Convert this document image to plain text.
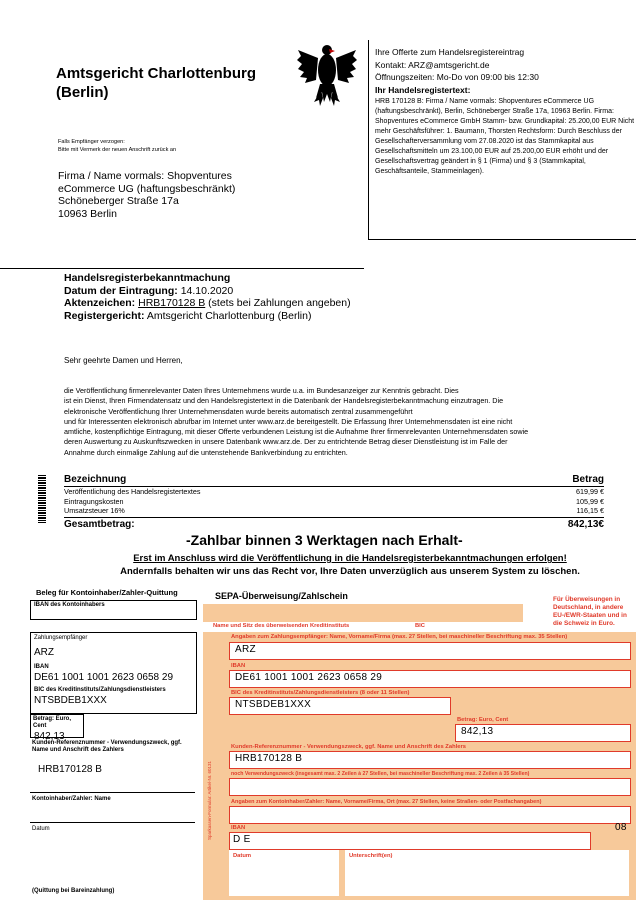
Amtsgericht Charlottenburg
(Berlin)
Ihre Offerte zum Handelsregistereintrag
Kontakt: ARZ@amtsgericht.de
Öffnungszeiten: Mo-Do von 09:00 bis 12:30
Ihr Handelsregistertext:
HRB 170128 B: Firma / Name vormals: Shopventures eCommerce UG (haftungsbeschränkt), Berlin, Schöneberger Straße 17a, 10963 Berlin. Firma: Shopventures eCommerce GmbH Stamm- bzw. Grundkapital: 25.200,00 EUR Nicht mehr Geschäftsführer: 1. Baumann, Thorsten Rechtsform: Durch Beschluss der Gesellschafterversammlung vom 27.08.2020 ist das Stammkapital aus Gesellschaftsmitteln um 23.100,00 EUR auf 25.200,00 EUR erhöht und der Gesellschaftsvertrag geändert in § 1 (Firma) und § 3 (Stammkapital, Geschäftsanteile, Stammeinlagen).
Falls Empfänger verzogen:
Bitte mit Vermerk der neuen Anschrift zurück an
Firma / Name vormals: Shopventures
eCommerce UG (haftungsbeschränkt)
Schöneberger Straße 17a
10963 Berlin
Handelsregisterbekanntmachung
Datum der Eintragung: 14.10.2020
Aktenzeichen: HRB170128 B (stets bei Zahlungen angeben)
Registergericht: Amtsgericht Charlottenburg (Berlin)
Sehr geehrte Damen und Herren,
die Veröffentlichung firmenrelevanter Daten Ihres Unternehmens wurde u.a. im Bundesanzeiger zur Kenntnis gebracht. Dies
ist ein Dienst, Ihren Firmendatensatz und den Handelsregistertext in die Datenbank der Handelsregisterbekanntmachung einzutragen. Die
elektronische Veröffentlichung Ihrer Unternehmensdaten wurde bereits automatisch zentral zusammengeführt
und für Interessenten elektronisch abrufbar im Internet unter www.arz.de bereitgestellt. Die Erfassung Ihrer Unternehmensdaten ist eine nicht
amtliche, kostenpflichtige Eintragung, mit dieser Offerte verbundenen Leistung ist die Aufnahme Ihrer firmenrelevanten Unternehmensdaten sowie
deren Auswertung zu Auskunftszwecken in unsere Datenbank www.arz.de. Der zu entrichtende Betrag dieser Dienstleistung ist im Falle der
Annahme durch einmalige Zahlung auf die untenstehende Bankverbindung zu entrichten.
Bezeichnung	Betrag
Veröffentlichung des Handelsregistertextes	619,99 €
Eintragungskosten	105,99 €
Umsatzsteuer 16%	116,15 €
Gesamtbetrag:	842,13€
-Zahlbar binnen 3 Werktagen nach Erhalt-
Erst im Anschluss wird die Veröffentlichung in die Handelsregisterbekanntmachungen erfolgen!
Andernfalls behalten wir uns das Recht vor, Ihre Daten unverzüglich aus unserem System zu löschen.
Beleg für Kontoinhaber/Zahler-Quittung
IBAN des Kontoinhabers
Zahlungsempfänger
ARZ
IBAN
DE61 1001 1001 2623 0658 29
BIC des Kreditinstituts/Zahlungsdienstleisters
NTSBDEB1XXX
Betrag: Euro, Cent
842,13
Kunden-Referenznummer - Verwendungszweck, ggf. Name und Anschrift des Zahlers
HRB170128 B
Kontoinhaber/Zahler: Name
Datum
(Quittung bei Bareinzahlung)
SEPA-Überweisung/Zahlschein
Name und Sitz des überweisenden Kreditinstituts	BIC
Für Überweisungen in Deutschland, in andere EU-/EWR-Staaten und in die Schweiz in Euro.
Angaben zum Zahlungsempfänger: Name, Vorname/Firma (max. 27 Stellen, bei maschineller Beschriftung max. 35 Stellen)
ARZ
IBAN
DE61 1001 1001 2623 0658 29
BIC des Kreditinstituts/Zahlungsdienstleisters (8 oder 11 Stellen)
NTSBDEB1XXX
Betrag: Euro, Cent
842,13
Kunden-Referenznummer - Verwendungszweck, ggf. Name und Anschrift des Zahlers
HRB170128 B
noch Verwendungszweck (insgesamt max. 2 Zeilen à 27 Stellen, bei maschineller Beschriftung max. 2 Zeilen à 35 Stellen)
Angaben zum Kontoinhaber/Zahler: Name, Vorname/Firma, Ort (max. 27 Stellen, keine Straßen- oder Postfachangaben)
IBAN
D E
08
Datum	Unterschrift(en)
Sparkassen-Formular: Artikel-Nr. 60131
